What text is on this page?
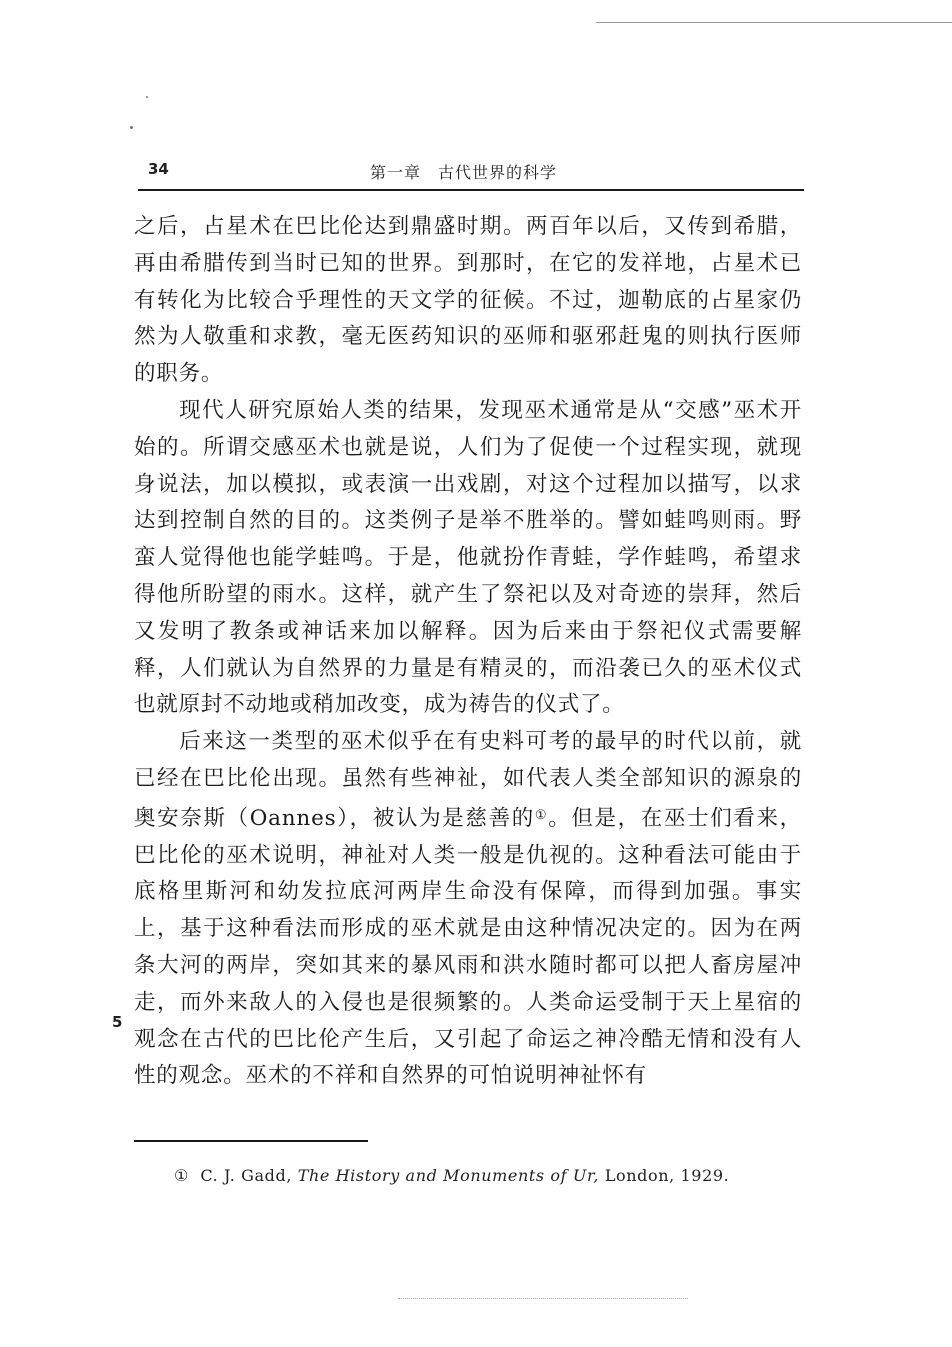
34	第一章　古代世界的科学

之后，占星术在巴比伦达到鼎盛时期。两百年以后，又传到希腊，再由希腊传到当时已知的世界。到那时，在它的发祥地，占星术已有转化为比较合乎理性的天文学的征候。不过，迦勒底的占星家仍然为人敬重和求教，毫无医药知识的巫师和驱邪赶鬼的则执行医师的职务。

现代人研究原始人类的结果，发现巫术通常是从“交感”巫术开始的。所谓交感巫术也就是说，人们为了促使一个过程实现，就现身说法，加以模拟，或表演一出戏剧，对这个过程加以描写，以求达到控制自然的目的。这类例子是举不胜举的。譬如蛙鸣则雨。野蛮人觉得他也能学蛙鸣。于是，他就扮作青蛙，学作蛙鸣，希望求得他所盼望的雨水。这样，就产生了祭祀以及对奇迹的崇拜，然后又发明了教条或神话来加以解释。因为后来由于祭祀仪式需要解释，人们就认为自然界的力量是有精灵的，而沿袭已久的巫术仪式也就原封不动地或稍加改变，成为祷告的仪式了。

后来这一类型的巫术似乎在有史料可考的最早的时代以前，就已经在巴比伦出现。虽然有些神祉，如代表人类全部知识的源泉的奥安奈斯（Oannes），被认为是慈善的①。但是，在巫士们看来，巴比伦的巫术说明，神祉对人类一般是仇视的。这种看法可能由于底格里斯河和幼发拉底河两岸生命没有保障，而得到加强。事实上，基于这种看法而形成的巫术就是由这种情况决定的。因为在两条大河的两岸，突如其来的暴风雨和洪水随时都可以把人畜房屋冲走，而外来敌人的入侵也是很频繁的。人类命运受制于天上星宿的观念在古代的巴比伦产生后，又引起了命运之神冷酷无情和没有人性的观念。巫术的不祥和自然界的可怕说明神祉怀有

5
① C. J. Gadd, The History and Monuments of Ur, London, 1929.
